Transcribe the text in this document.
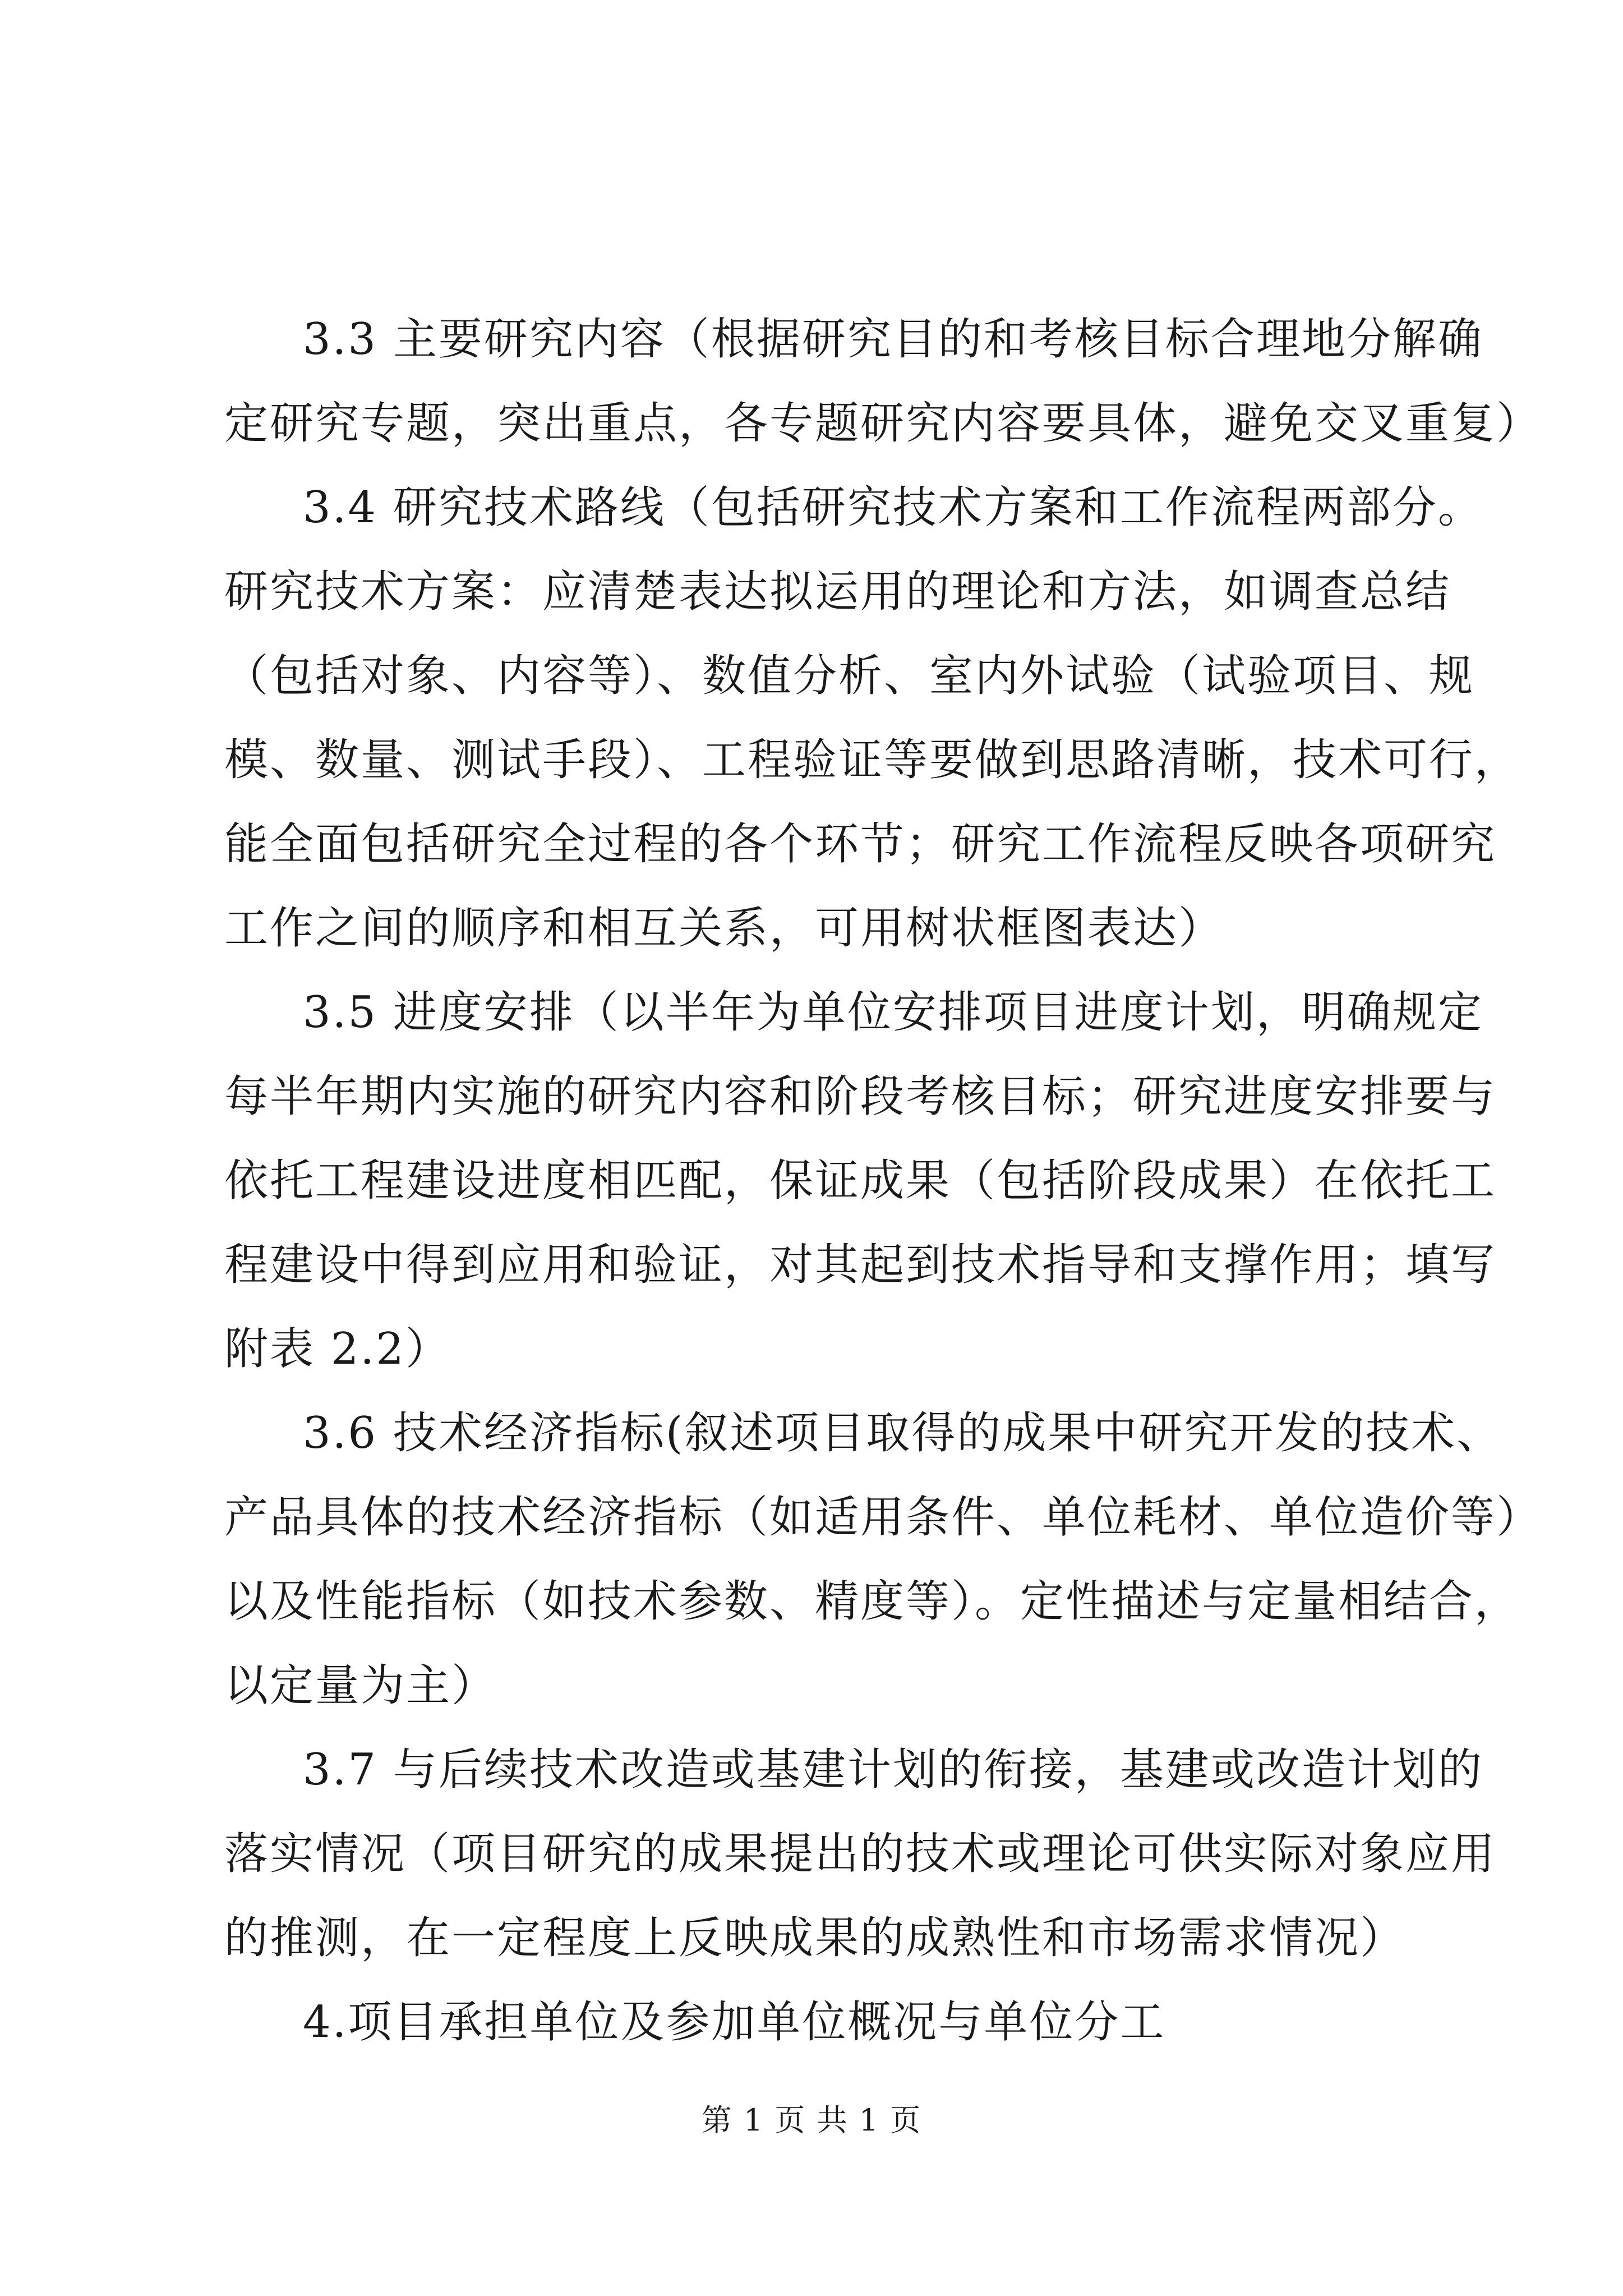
3.3 主要研究内容（根据研究目的和考核目标合理地分解确
定研究专题，突出重点，各专题研究内容要具体，避免交叉重复）
3.4 研究技术路线（包括研究技术方案和工作流程两部分。
研究技术方案：应清楚表达拟运用的理论和方法，如调查总结
（包括对象、内容等）、数值分析、室内外试验（试验项目、规
模、数量、测试手段）、工程验证等要做到思路清晰，技术可行，
能全面包括研究全过程的各个环节；研究工作流程反映各项研究
工作之间的顺序和相互关系，可用树状框图表达）
3.5 进度安排（以半年为单位安排项目进度计划，明确规定
每半年期内实施的研究内容和阶段考核目标；研究进度安排要与
依托工程建设进度相匹配，保证成果（包括阶段成果）在依托工
程建设中得到应用和验证，对其起到技术指导和支撑作用；填写
附表 2.2）
3.6 技术经济指标(叙述项目取得的成果中研究开发的技术、
产品具体的技术经济指标（如适用条件、单位耗材、单位造价等）
以及性能指标（如技术参数、精度等）。定性描述与定量相结合，
以定量为主）
3.7 与后续技术改造或基建计划的衔接，基建或改造计划的
落实情况（项目研究的成果提出的技术或理论可供实际对象应用
的推测，在一定程度上反映成果的成熟性和市场需求情况）
4.项目承担单位及参加单位概况与单位分工
第 1 页 共 1 页
